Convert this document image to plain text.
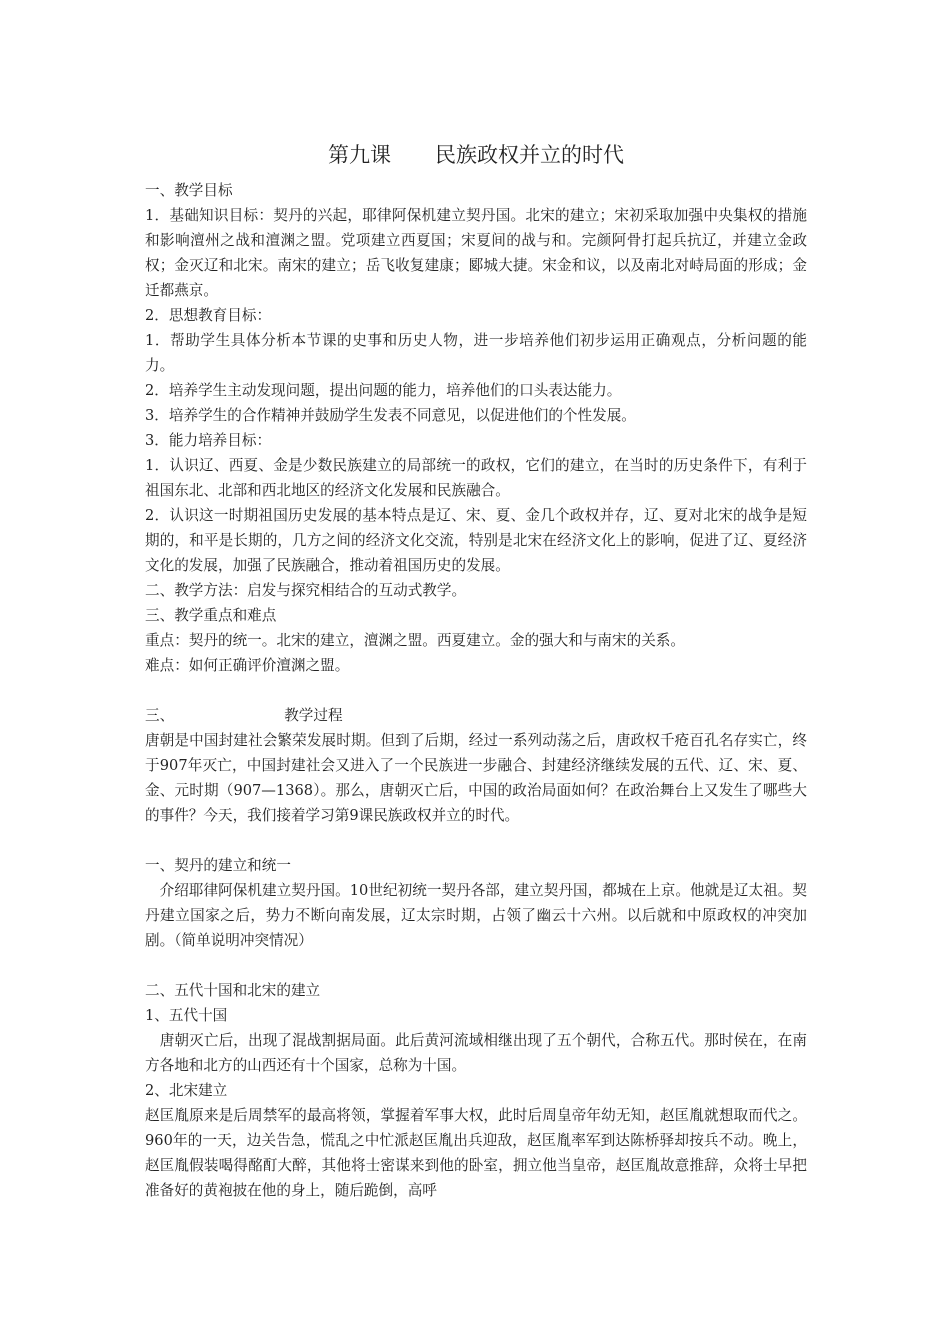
第九课 民族政权并立的时代

一、教学目标

1．基础知识目标：契丹的兴起，耶律阿保机建立契丹国。北宋的建立；宋初采取加强中央集权的措施和影响澶州之战和澶渊之盟。党项建立西夏国；宋夏间的战与和。完颜阿骨打起兵抗辽，并建立金政权；金灭辽和北宋。南宋的建立；岳飞收复建康；郾城大捷。宋金和议，以及南北对峙局面的形成；金迁都燕京。

2．思想教育目标：

1．帮助学生具体分析本节课的史事和历史人物，进一步培养他们初步运用正确观点，分析问题的能力。

2．培养学生主动发现问题，提出问题的能力，培养他们的口头表达能力。

3．培养学生的合作精神并鼓励学生发表不同意见，以促进他们的个性发展。

3．能力培养目标：

1．认识辽、西夏、金是少数民族建立的局部统一的政权，它们的建立，在当时的历史条件下，有利于祖国东北、北部和西北地区的经济文化发展和民族融合。

2．认识这一时期祖国历史发展的基本特点是辽、宋、夏、金几个政权并存，辽、夏对北宋的战争是短期的，和平是长期的，几方之间的经济文化交流，特别是北宋在经济文化上的影响，促进了辽、夏经济文化的发展，加强了民族融合，推动着祖国历史的发展。

二、教学方法：启发与探究相结合的互动式教学。

三、教学重点和难点

重点：契丹的统一。北宋的建立，澶渊之盟。西夏建立。金的强大和与南宋的关系。

难点：如何正确评价澶渊之盟。

三、	教学过程

唐朝是中国封建社会繁荣发展时期。但到了后期，经过一系列动荡之后，唐政权千疮百孔名存实亡，终于907年灭亡，中国封建社会又进入了一个民族进一步融合、封建经济继续发展的五代、辽、宋、夏、金、元时期（907—1368）。那么，唐朝灭亡后，中国的政治局面如何？在政治舞台上又发生了哪些大的事件？今天，我们接着学习第9课民族政权并立的时代。

一、契丹的建立和统一

　介绍耶律阿保机建立契丹国。10世纪初统一契丹各部，建立契丹国，都城在上京。他就是辽太祖。契丹建立国家之后，势力不断向南发展，辽太宗时期，占领了幽云十六州。以后就和中原政权的冲突加剧。（简单说明冲突情况）

二、五代十国和北宋的建立

1、五代十国

　唐朝灭亡后，出现了混战割据局面。此后黄河流域相继出现了五个朝代，合称五代。那时侯在，在南方各地和北方的山西还有十个国家，总称为十国。

2、北宋建立

赵匡胤原来是后周禁军的最高将领，掌握着军事大权，此时后周皇帝年幼无知，赵匡胤就想取而代之。960年的一天，边关告急，慌乱之中忙派赵匡胤出兵迎敌，赵匡胤率军到达陈桥驿却按兵不动。晚上，赵匡胤假装喝得酩酊大醉，其他将士密谋来到他的卧室，拥立他当皇帝，赵匡胤故意推辞，众将士早把准备好的黄袍披在他的身上，随后跪倒，高呼
